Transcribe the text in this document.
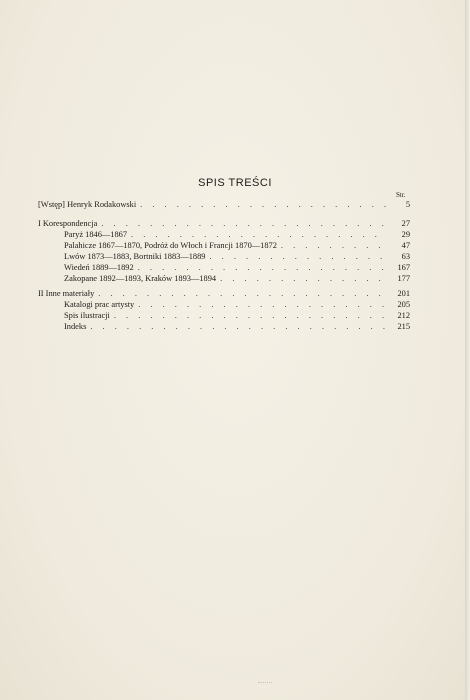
SPIS TREŚCI
Str.
[Wstęp] Henryk Rodakowski . . .	5
I Korespondencja . . .	27
Paryż 1846—1867 . . .	29
Palahicze 1867—1870, Podróż do Włoch i Francji 1870—1872 . . .	47
Lwów 1873—1883, Bortniki 1883—1889 . . .	63
Wiedeń 1889—1892 . . .	167
Zakopane 1892—1893, Kraków 1893—1894 . . .	177
II Inne materiały . . .	201
Katalogi prac artysty . . .	205
Spis ilustracji . . .	212
Indeks . . .	215
